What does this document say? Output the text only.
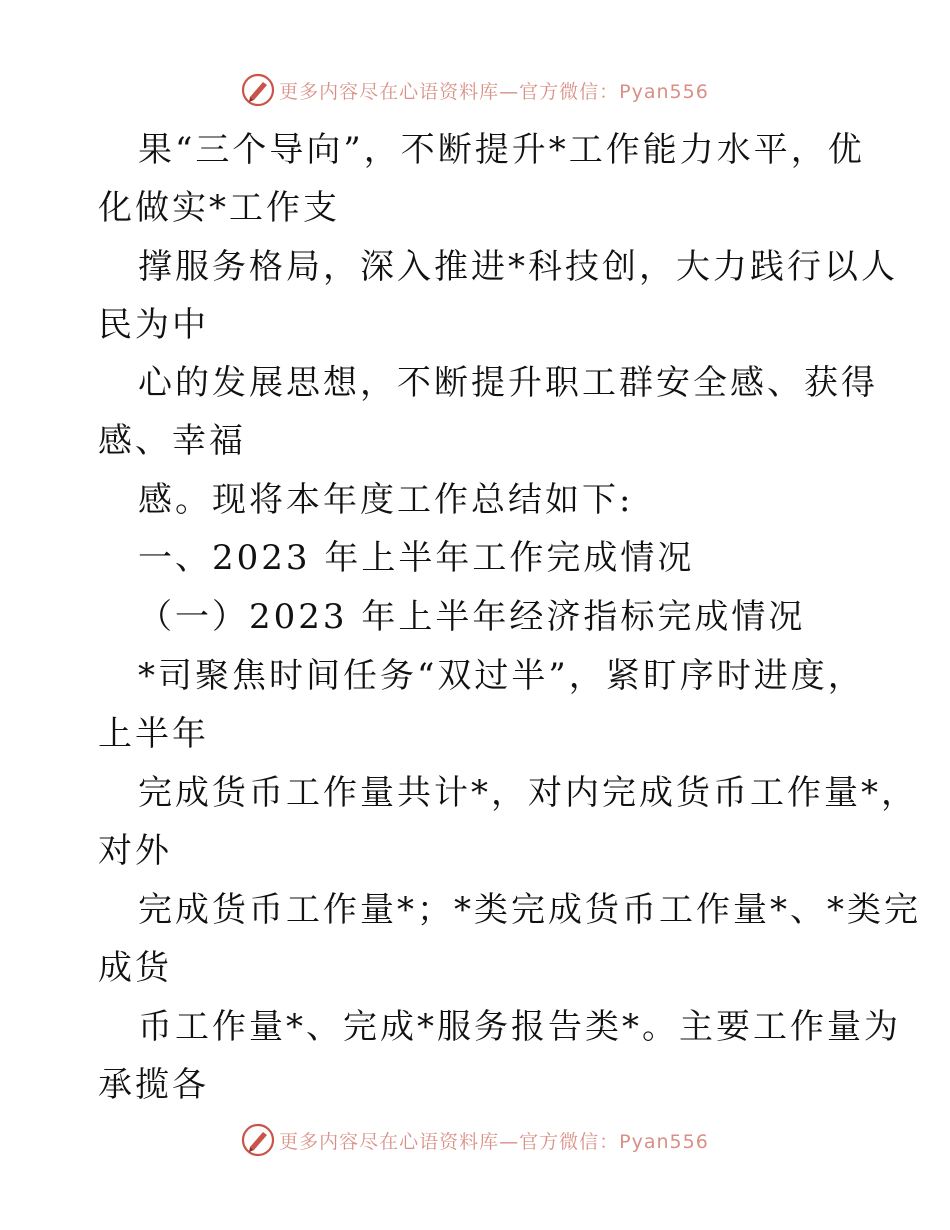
更多内容尽在心语资料库—官方微信：Pyan556
果“三个导向”，不断提升*工作能力水平，优
化做实*工作支
撑服务格局，深入推进*科技创，大力践行以人
民为中
心的发展思想，不断提升职工群安全感、获得
感、幸福
感。现将本年度工作总结如下:
一、2023 年上半年工作完成情况
（一）2023 年上半年经济指标完成情况
*司聚焦时间任务“双过半”，紧盯序时进度，
上半年
完成货币工作量共计*，对内完成货币工作量*，
对外
完成货币工作量*；*类完成货币工作量*、*类完
成货
币工作量*、完成*服务报告类*。主要工作量为
承揽各
更多内容尽在心语资料库—官方微信：Pyan556
